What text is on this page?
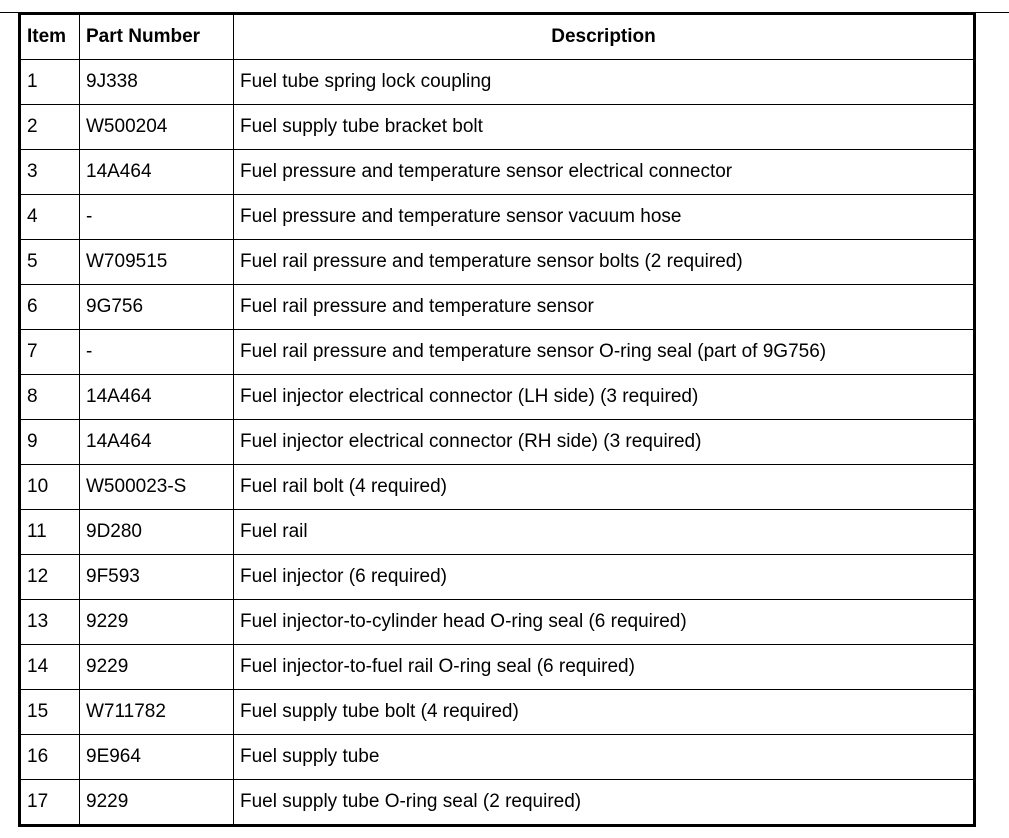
Item	Part Number	Description
1	9J338	Fuel tube spring lock coupling
2	W500204	Fuel supply tube bracket bolt
3	14A464	Fuel pressure and temperature sensor electrical connector
4	-	Fuel pressure and temperature sensor vacuum hose
5	W709515	Fuel rail pressure and temperature sensor bolts (2 required)
6	9G756	Fuel rail pressure and temperature sensor
7	-	Fuel rail pressure and temperature sensor O-ring seal (part of 9G756)
8	14A464	Fuel injector electrical connector (LH side) (3 required)
9	14A464	Fuel injector electrical connector (RH side) (3 required)
10	W500023-S	Fuel rail bolt (4 required)
11	9D280	Fuel rail
12	9F593	Fuel injector (6 required)
13	9229	Fuel injector-to-cylinder head O-ring seal (6 required)
14	9229	Fuel injector-to-fuel rail O-ring seal (6 required)
15	W711782	Fuel supply tube bolt (4 required)
16	9E964	Fuel supply tube
17	9229	Fuel supply tube O-ring seal (2 required)
